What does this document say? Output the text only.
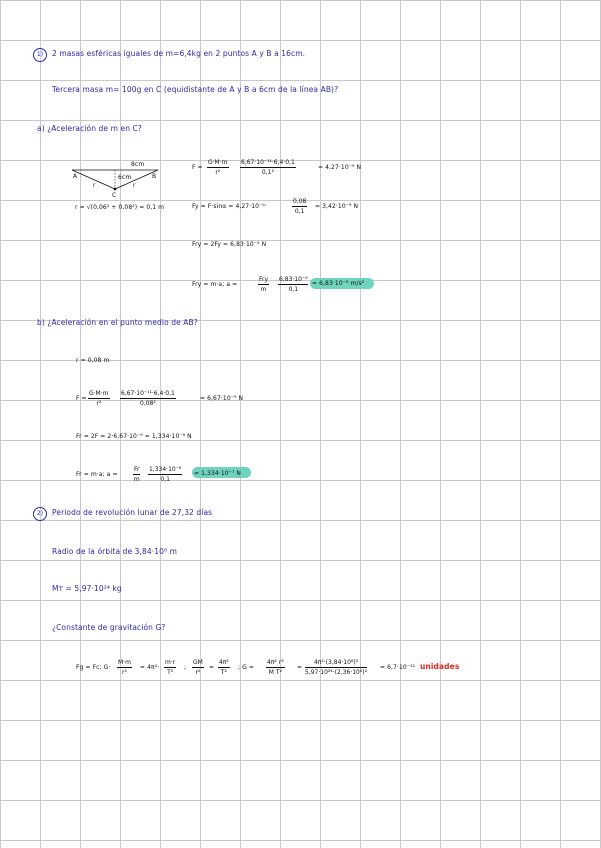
1)	2 masas esféricas iguales de m=6,4kg en 2 puntos A y B a 16cm.
Tercera masa m= 100g en C (equidistante de A y B a 6cm de la línea AB)?
a) ¿Aceleración de m en C?
8cm
A	B
6cm
r	r
C
r = √(0,06² + 0,08²) = 0,1 m
$F = \frac{G\cdot M\cdot m}{\text{r²}} \frac{\text{6,67·10⁻¹¹·6,4·0,1}}{\text{0,1²}}$	= 4,27·10⁻⁹ N
Fy = F·sinα = 4,27·10⁻⁹·	$\frac{0,08}{0,1} = 3,42\cdot 10^{-9}$ N
Fry = 2Fy = 6,83·10⁻⁹ N
Fry = m·a; a =
Fry
m	$\frac{\text{6,83·10⁻⁹}}{0,1} = 6,83\cdot 10^{-8}$ m/s²
b) ¿Aceleración en el punto medio de AB?
r = 0,08 m
$F = \frac{G\cdot M\cdot m}{\text{r²}} \frac{\text{6,67·10⁻¹¹·6,4·0,1}}{\text{0,08²}}$	= 6,67·10⁻⁹ N
Fr = 2F = 2·6,67·10⁻⁹ = 1,334·10⁻⁸ N
Fr = m·a; a =	$\frac{Fr}{m} \frac{\text{1,334·10⁻⁸}}{0,1} = 1,334\cdot 10^{-7}$ N
2)	Periodo de revolución lunar de 27,32 días
Radio de la órbita de 3,84·10⁸ m
Mт = 5,97·10²⁴ kg
¿Constante de gravitación G?
Fg = Fc; $G\cdot \frac{M\cdot m}{\text{r²}} = 4\pi^2\cdot \frac{m\cdot r}{\text{T²}}$ ; $\frac{GM}{\text{r²}} = \frac{\text{4π²}}{\text{T²}}$ ; $G = \frac{\text{4π² r³}}{\text{M T²}} = \frac{\text{4π²·(3,84·10⁸)³}}{\text{5,97·10²⁴·(2,36·10⁶)²}} = 6,7\cdot 10^{-11}$ unidades
